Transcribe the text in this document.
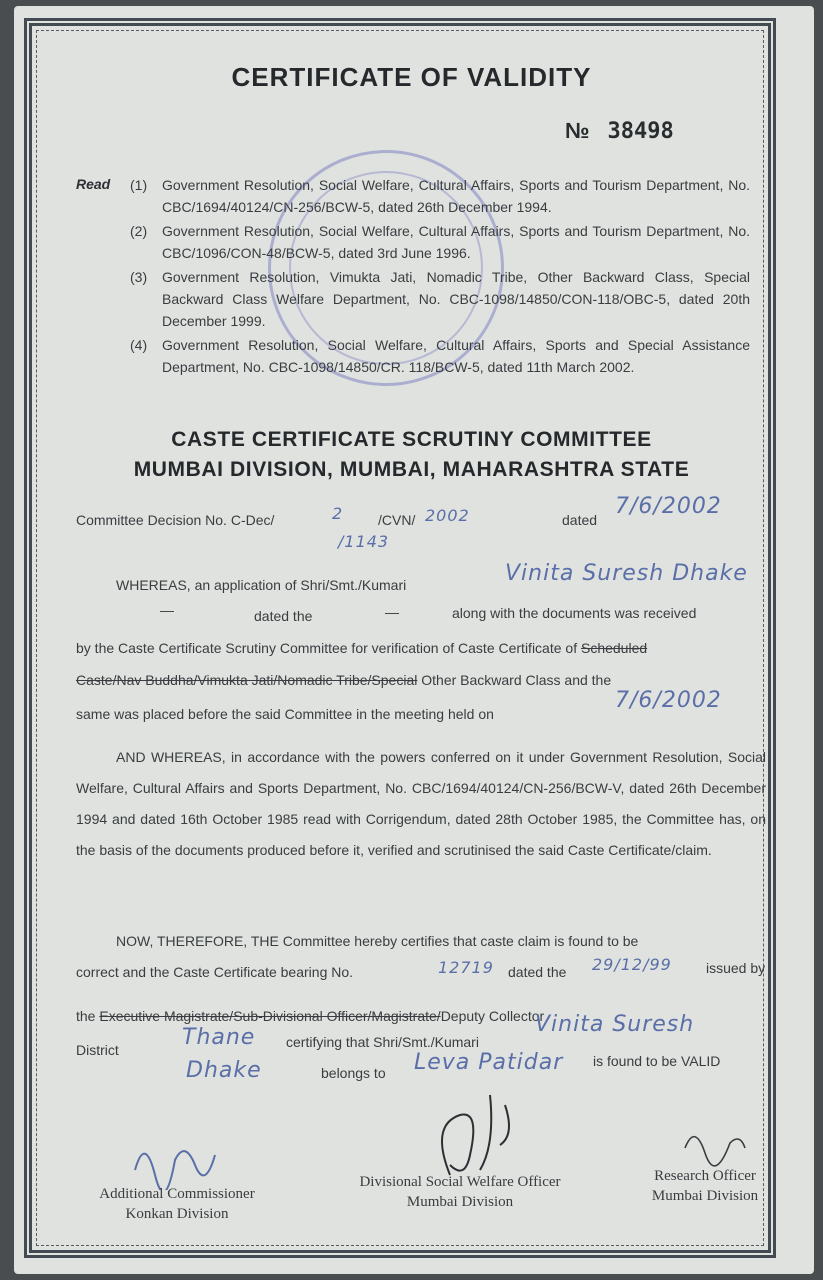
CERTIFICATE OF VALIDITY
№ 38498
Read (1)	Government Resolution, Social Welfare, Cultural Affairs, Sports and Tourism Department, No. CBC/1694/40124/CN-256/BCW-5, dated 26th December 1994.
(2)	Government Resolution, Social Welfare, Cultural Affairs, Sports and Tourism Department, No. CBC/1096/CON-48/BCW-5, dated 3rd June 1996.
(3)	Government Resolution, Vimukta Jati, Nomadic Tribe, Other Backward Class, Special Backward Class Welfare Department, No. CBC-1098/14850/CON-118/OBC-5, dated 20th December 1999.
(4)	Government Resolution, Social Welfare, Cultural Affairs, Sports and Special Assistance Department, No. CBC-1098/14850/CR. 118/BCW-5, dated 11th March 2002.
CASTE CERTIFICATE SCRUTINY COMMITTEE
MUMBAI DIVISION, MUMBAI, MAHARASHTRA STATE
Committee Decision No. C-Dec/	2 /CVN/ 2002
/1143
dated
7/6/2002
WHEREAS, an application of Shri/Smt./Kumari	Vinita Suresh Dhake
—	dated the	—	along with the documents was received
by the Caste Certificate Scrutiny Committee for verification of Caste Certificate of Scheduled
Caste/Nav Buddha/Vimukta Jati/Nomadic Tribe/Special Other Backward Class and the
same was placed before the said Committee in the meeting held on
7/6/2002
AND WHEREAS, in accordance with the powers conferred on it under Government Resolution, Social Welfare, Cultural Affairs and Sports Department, No. CBC/1694/40124/CN-256/BCW-V, dated 26th December 1994 and dated 16th October 1985 read with Corrigendum, dated 28th October 1985, the Committee has, on the basis of the documents produced before it, verified and scrutinised the said Caste Certificate/claim.
NOW, THEREFORE, THE Committee hereby certifies that caste claim is found to be
correct and the Caste Certificate bearing No.	12719 dated the 29/12/99 issued by
the Executive Magistrate/Sub-Divisional Officer/Magistrate/Deputy Collector
District	Thane certifying that Shri/Smt./Kumari
Vinita Suresh
Dhake	belongs to Leva Patidar is found to be VALID
Additional Commissioner
Konkan Division
Divisional Social Welfare Officer
Mumbai Division
Research Officer
Mumbai Division
